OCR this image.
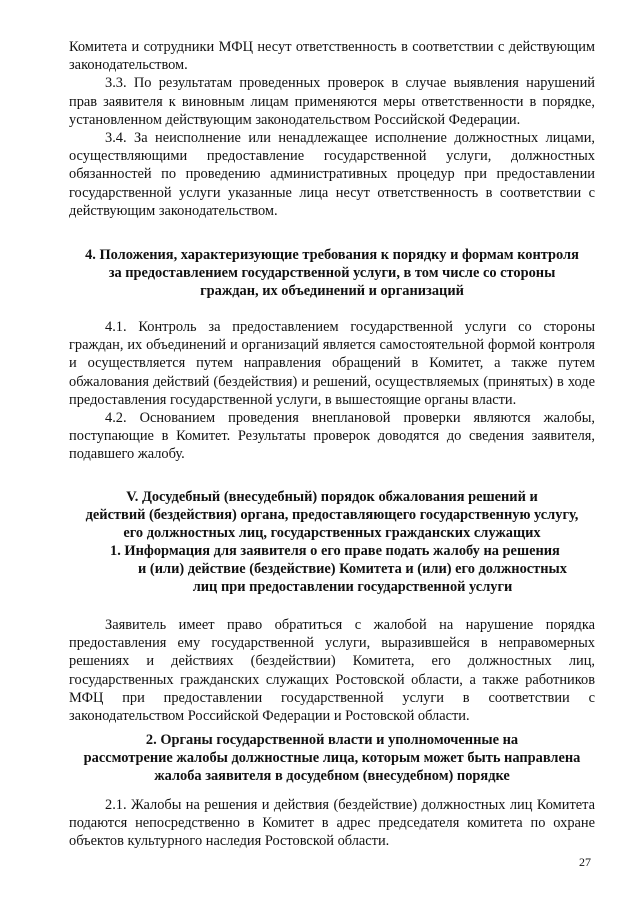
Комитета и сотрудники МФЦ несут ответственность в соответствии с действующим законодательством.

3.3. По результатам проведенных проверок в случае выявления нарушений прав заявителя к виновным лицам применяются меры ответственности в порядке, установленном действующим законодательством Российской Федерации.

3.4. За неисполнение или ненадлежащее исполнение должностных лицами, осуществляющими предоставление государственной услуги, должностных обязанностей по проведению административных процедур при предоставлении государственной услуги указанные лица несут ответственность в соответствии с действующим законодательством.

4. Положения, характеризующие требования к порядку и формам контроля
за предоставлением государственной услуги, в том числе со стороны
граждан, их объединений и организаций

4.1. Контроль за предоставлением государственной услуги со стороны граждан, их объединений и организаций является самостоятельной формой контроля и осуществляется путем направления обращений в Комитет, а также путем обжалования действий (бездействия) и решений, осуществляемых (принятых) в ходе предоставления государственной услуги, в вышестоящие органы власти.

4.2. Основанием проведения внеплановой проверки являются жалобы, поступающие в Комитет. Результаты проверок доводятся до сведения заявителя, подавшего жалобу.

V. Досудебный (внесудебный) порядок обжалования решений и
действий (бездействия) органа, предоставляющего государственную услугу,
его должностных лиц, государственных гражданских служащих
1. Информация для заявителя о его праве подать жалобу на решения
и (или) действие (бездействие) Комитета и (или) его должностных
лиц при предоставлении государственной услуги

Заявитель имеет право обратиться с жалобой на нарушение порядка предоставления ему государственной услуги, выразившейся в неправомерных решениях и действиях (бездействии) Комитета, его должностных лиц, государственных гражданских служащих Ростовской области, а также работников МФЦ при предоставлении государственной услуги в соответствии с законодательством Российской Федерации и Ростовской области.

2. Органы государственной власти и уполномоченные на
рассмотрение жалобы должностные лица, которым может быть направлена
жалоба заявителя в досудебном (внесудебном) порядке

2.1. Жалобы на решения и действия (бездействие) должностных лиц Комитета подаются непосредственно в Комитет в адрес председателя комитета по охране объектов культурного наследия Ростовской области.

27
